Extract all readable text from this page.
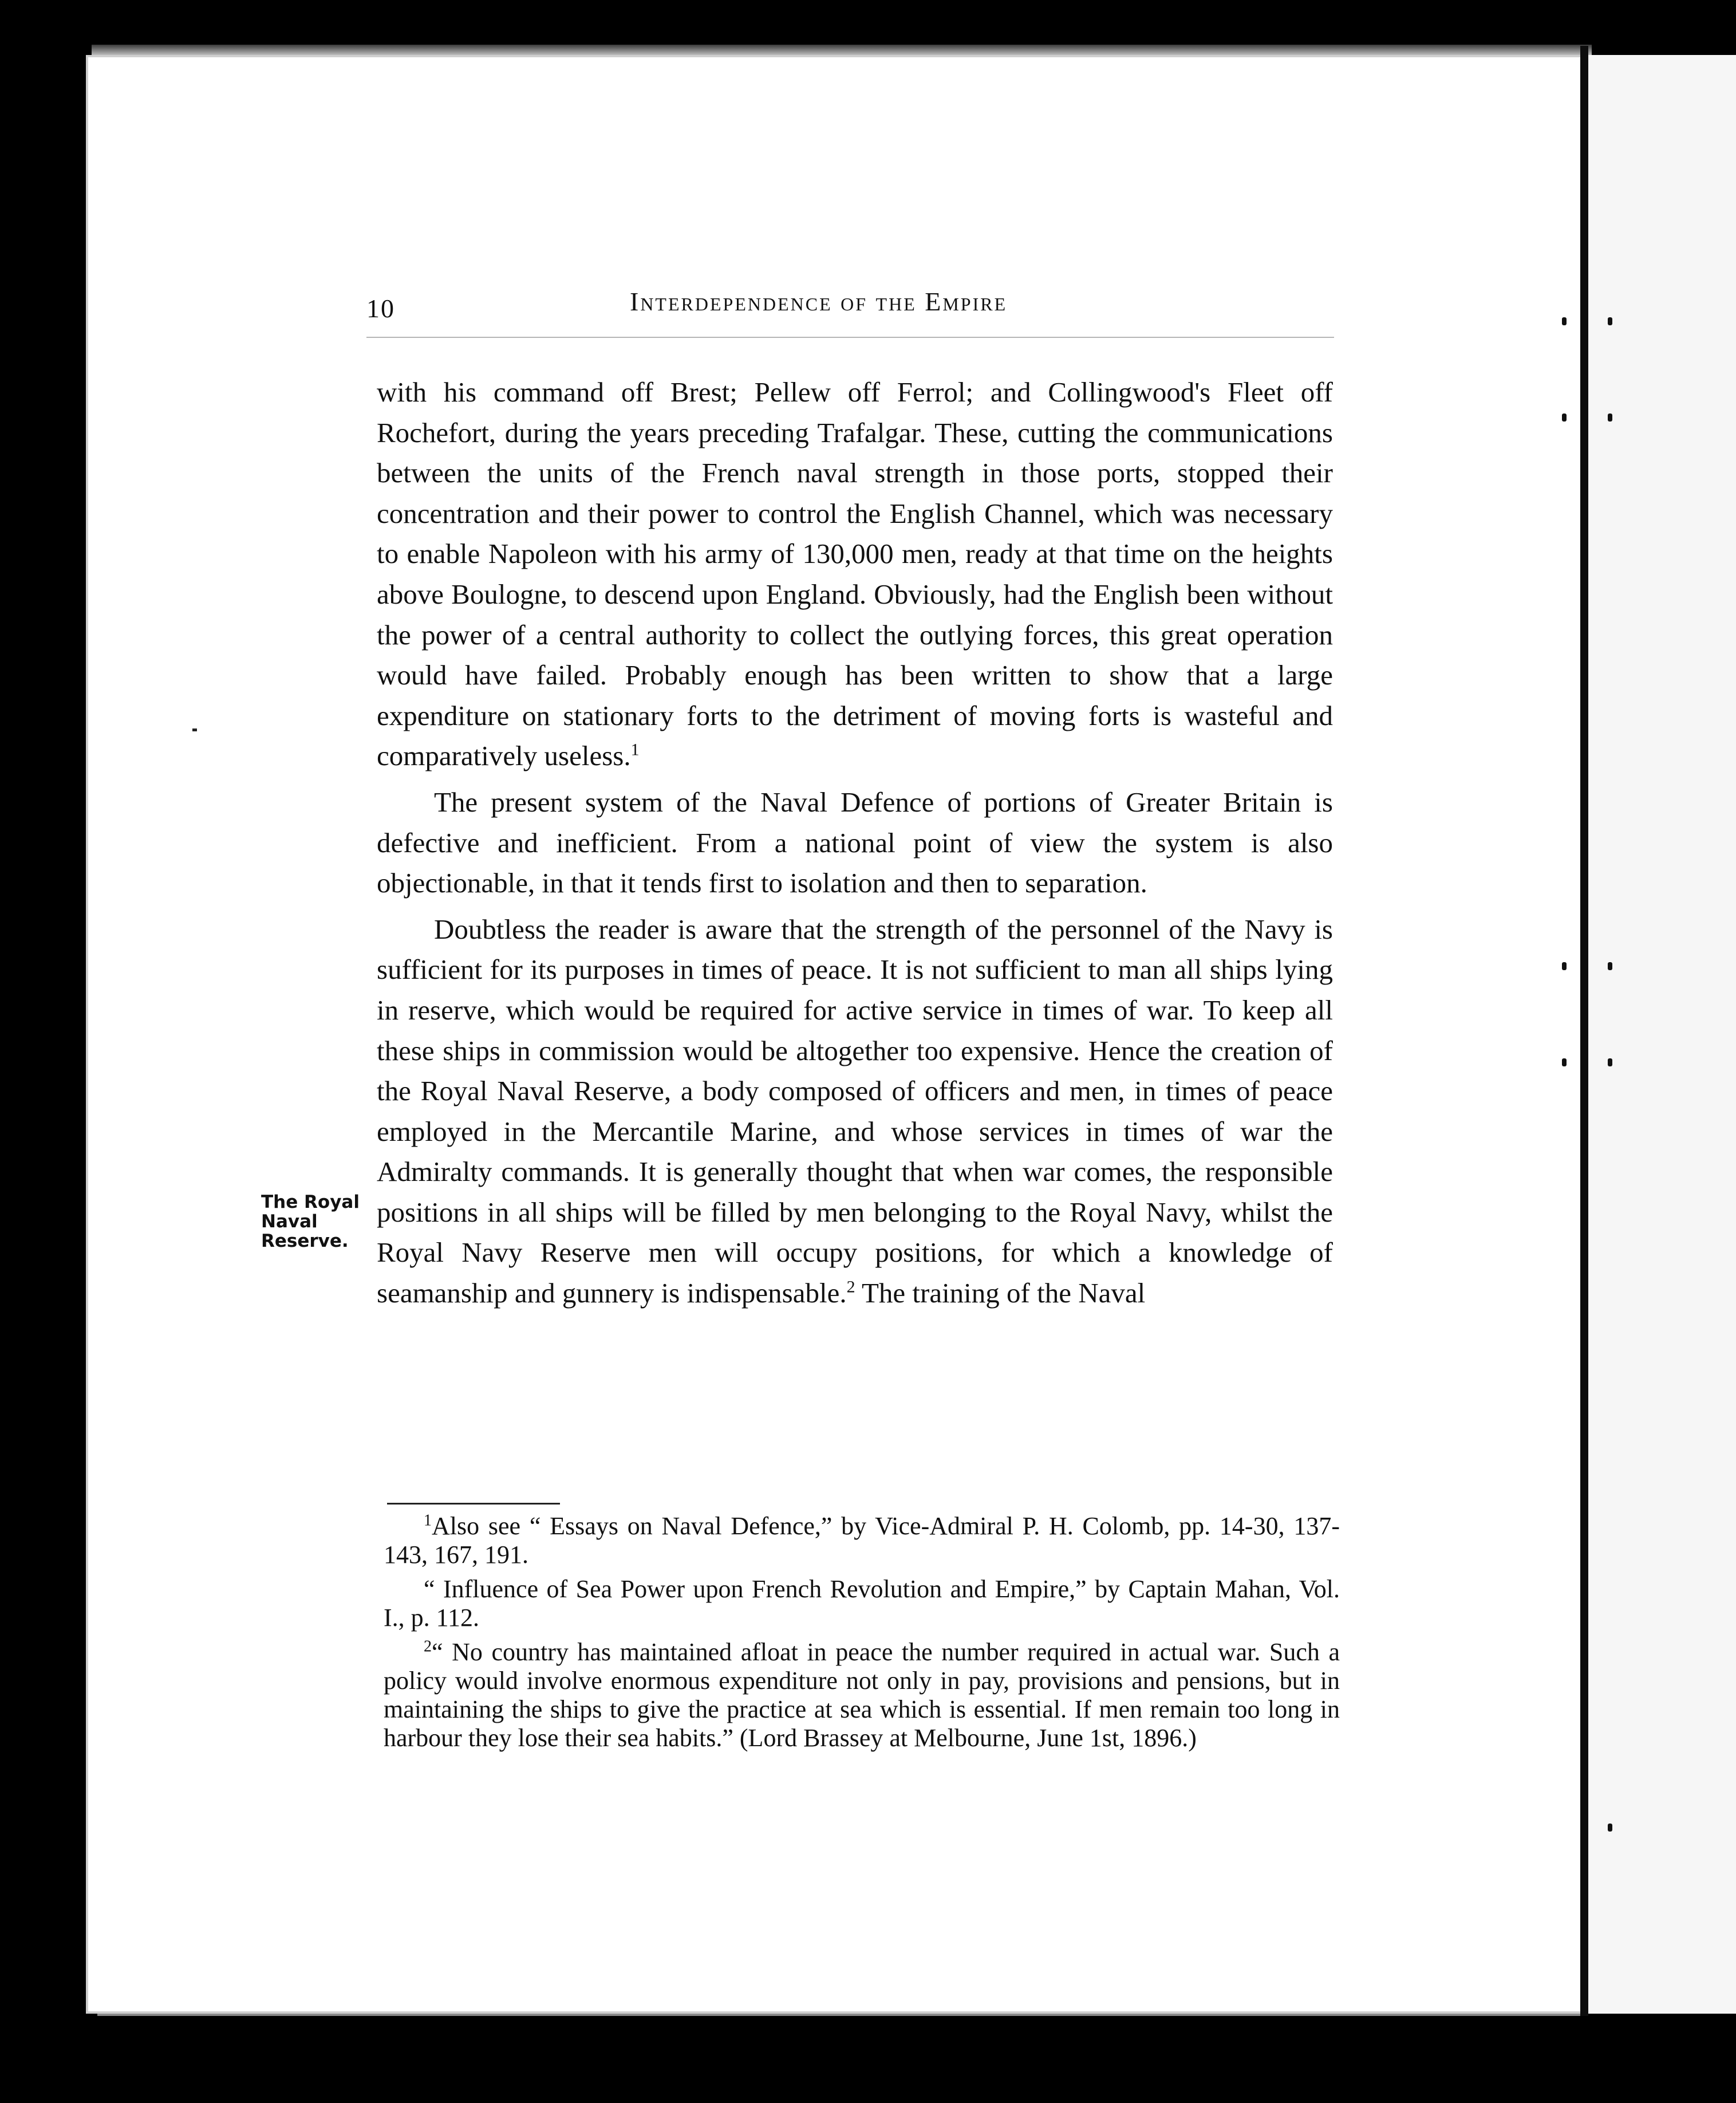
10	Interdependence of the Empire
The Royal
Naval
Reserve.

with his command off Brest; Pellew off Ferrol; and Collingwood's Fleet off Rochefort, during the years preceding Trafalgar. These, cutting the communications between the units of the French naval strength in those ports, stopped their concentration and their power to control the English Channel, which was necessary to enable Napoleon with his army of 130,000 men, ready at that time on the heights above Boulogne, to descend upon England. Obviously, had the English been without the power of a central authority to collect the outlying forces, this great operation would have failed. Probably enough has been written to show that a large expenditure on stationary forts to the detriment of moving forts is wasteful and comparatively useless.$^1$

The present system of the Naval Defence of portions of Greater Britain is defective and inefficient. From a national point of view the system is also objectionable, in that it tends first to isolation and then to separation.

Doubtless the reader is aware that the strength of the personnel of the Navy is sufficient for its purposes in times of peace. It is not sufficient to man all ships lying in reserve, which would be required for active service in times of war. To keep all these ships in commission would be altogether too expensive. Hence the creation of the Royal Naval Reserve, a body composed of officers and men, in times of peace employed in the Mercantile Marine, and whose services in times of war the Admiralty commands. It is generally thought that when war comes, the responsible positions in all ships will be filled by men belonging to the Royal Navy, whilst the Royal Navy Reserve men will occupy positions, for which a knowledge of seamanship and gunnery is indispensable.$^2$ The training of the Naval

$^1$Also see “ Essays on Naval Defence,” by Vice-Admiral P. H. Colomb, pp. 14-30, 137-143, 167, 191.

“ Influence of Sea Power upon French Revolution and Empire,” by Captain Mahan, Vol. I., p. 112.

$^2$“ No country has maintained afloat in peace the number required in actual war. Such a policy would involve enormous expenditure not only in pay, provisions and pensions, but in maintaining the ships to give the practice at sea which is essential. If men remain too long in harbour they lose their sea habits.” (Lord Brassey at Melbourne, June 1st, 1896.)
